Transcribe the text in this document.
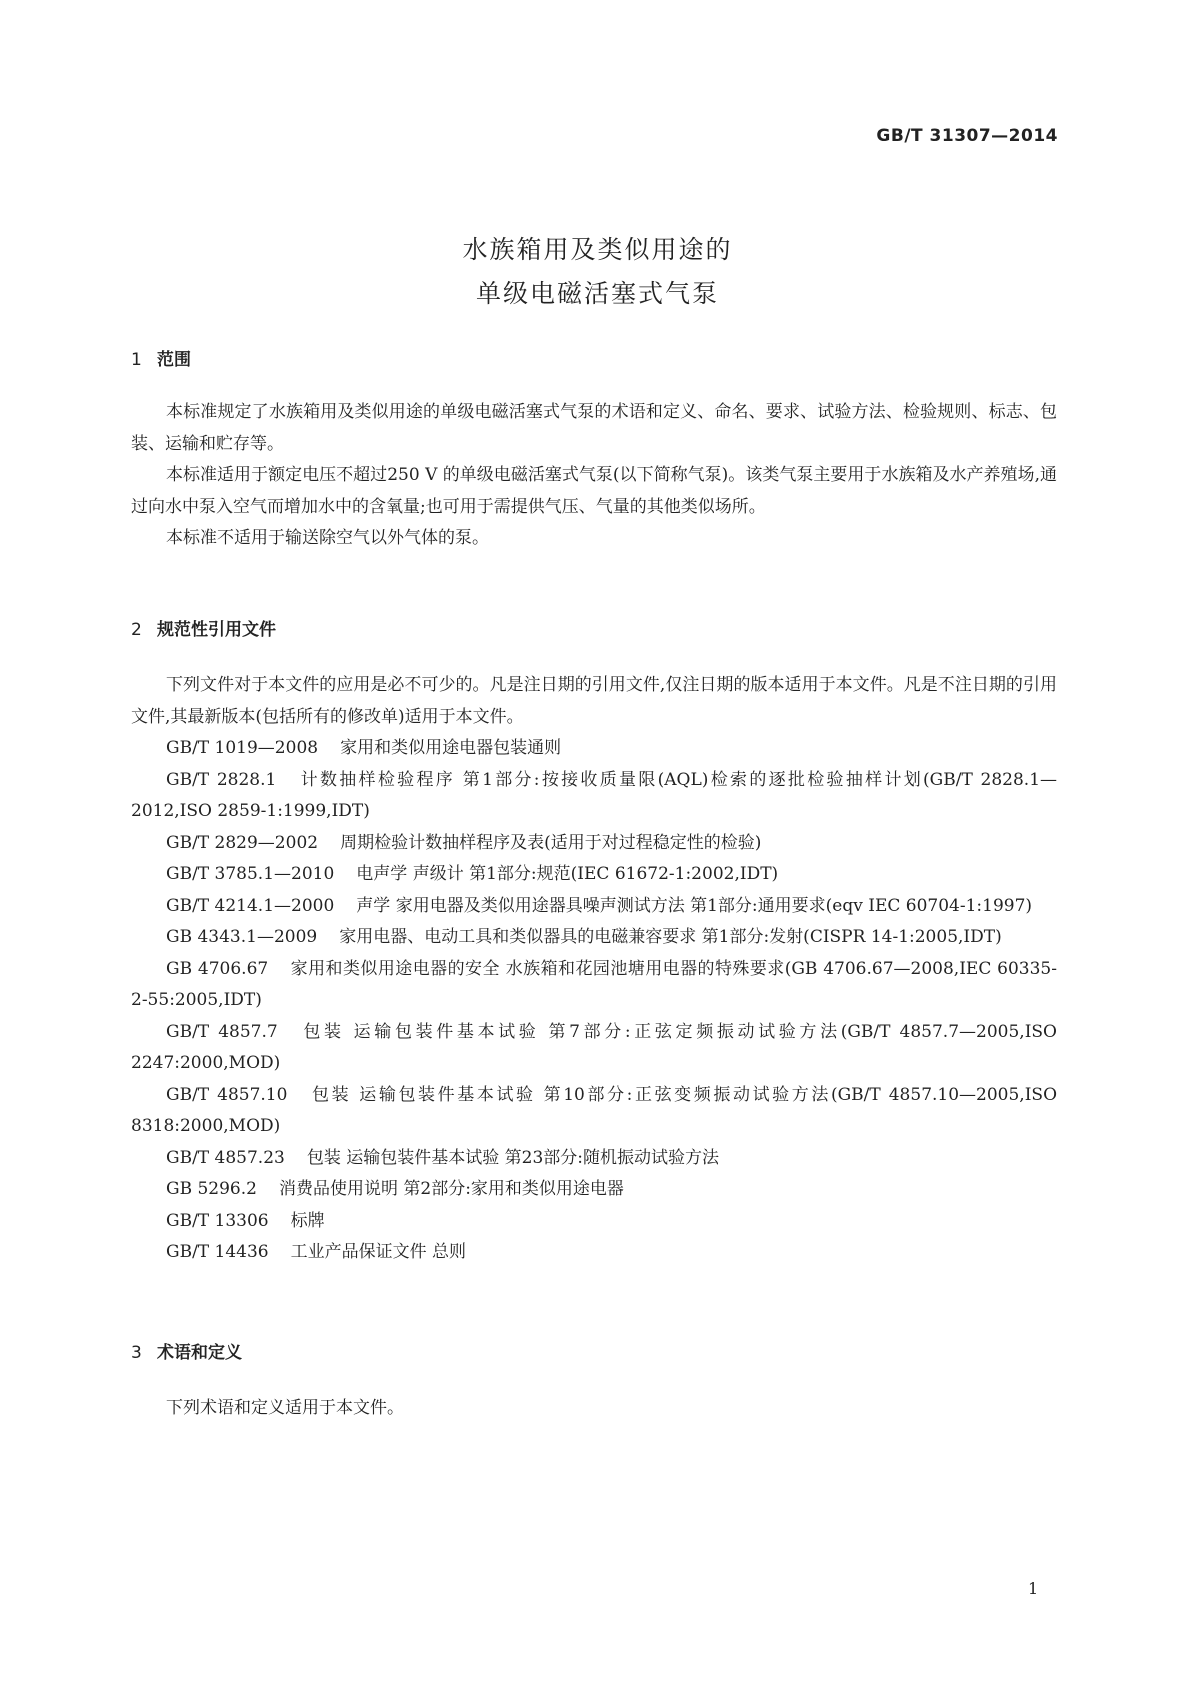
GB/T 31307—2014
水族箱用及类似用途的
单级电磁活塞式气泵
1 范围

本标准规定了水族箱用及类似用途的单级电磁活塞式气泵的术语和定义、命名、要求、试验方法、检验规则、标志、包装、运输和贮存等。

本标准适用于额定电压不超过250 V 的单级电磁活塞式气泵(以下简称气泵)。该类气泵主要用于水族箱及水产养殖场,通过向水中泵入空气而增加水中的含氧量;也可用于需提供气压、气量的其他类似场所。

本标准不适用于输送除空气以外气体的泵。

2 规范性引用文件

下列文件对于本文件的应用是必不可少的。凡是注日期的引用文件,仅注日期的版本适用于本文件。凡是不注日期的引用文件,其最新版本(包括所有的修改单)适用于本文件。

GB/T 1019—2008 家用和类似用途电器包装通则
GB/T 2828.1 计数抽样检验程序 第1部分:按接收质量限(AQL)检索的逐批检验抽样计划(GB/T 2828.1—2012,ISO 2859-1:1999,IDT)
GB/T 2829—2002 周期检验计数抽样程序及表(适用于对过程稳定性的检验)
GB/T 3785.1—2010 电声学 声级计 第1部分:规范(IEC 61672-1:2002,IDT)
GB/T 4214.1—2000 声学 家用电器及类似用途器具噪声测试方法 第1部分:通用要求(eqv IEC 60704-1:1997)
GB 4343.1—2009 家用电器、电动工具和类似器具的电磁兼容要求 第1部分:发射(CISPR 14-1:2005,IDT)
GB 4706.67 家用和类似用途电器的安全 水族箱和花园池塘用电器的特殊要求(GB 4706.67—2008,IEC 60335-2-55:2005,IDT)
GB/T 4857.7 包装 运输包装件基本试验 第7部分:正弦定频振动试验方法(GB/T 4857.7—2005,ISO 2247:2000,MOD)
GB/T 4857.10 包装 运输包装件基本试验 第10部分:正弦变频振动试验方法(GB/T 4857.10—2005,ISO 8318:2000,MOD)
GB/T 4857.23 包装 运输包装件基本试验 第23部分:随机振动试验方法
GB 5296.2 消费品使用说明 第2部分:家用和类似用途电器
GB/T 13306 标牌
GB/T 14436 工业产品保证文件 总则
3 术语和定义

下列术语和定义适用于本文件。

1
